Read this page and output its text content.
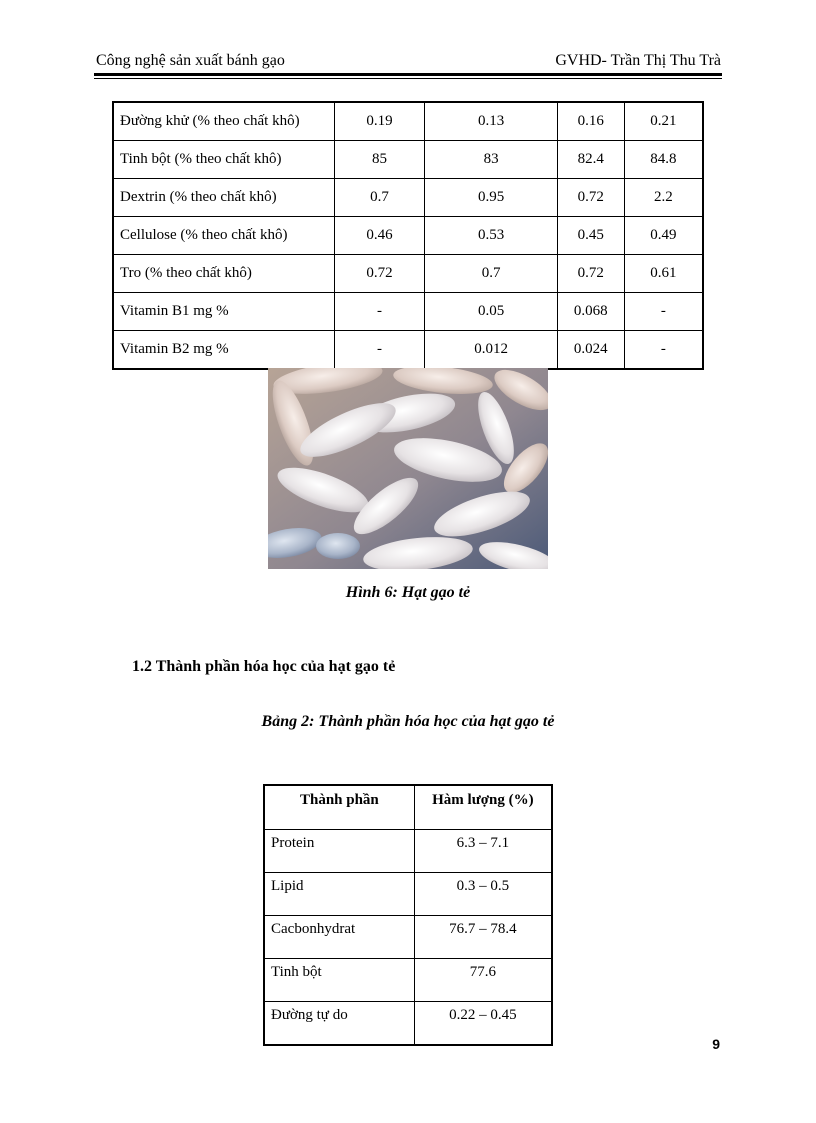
Công nghệ sản xuất bánh gạo	GVHD- Trần Thị Thu Trà
Đường khử (% theo chất khô)	0.19	0.13	0.16	0.21
Tinh bột (% theo chất khô)	85	83	82.4	84.8
Dextrin (% theo chất khô)	0.7	0.95	0.72	2.2
Cellulose (% theo chất khô)	0.46	0.53	0.45	0.49
Tro (% theo chất khô)	0.72	0.7	0.72	0.61
Vitamin B1 mg %	-	0.05	0.068	-
Vitamin B2 mg %	-	0.012	0.024	-
Hình 6: Hạt gạo tẻ
1.2 Thành phần hóa học của hạt gạo tẻ
Bảng 2: Thành phần hóa học của hạt gạo tẻ
Thành phần	Hàm lượng (%)
Protein	6.3 – 7.1
Lipid	0.3 – 0.5
Cacbonhydrat	76.7 – 78.4
Tinh bột	77.6
Đường tự do	0.22 – 0.45
9
